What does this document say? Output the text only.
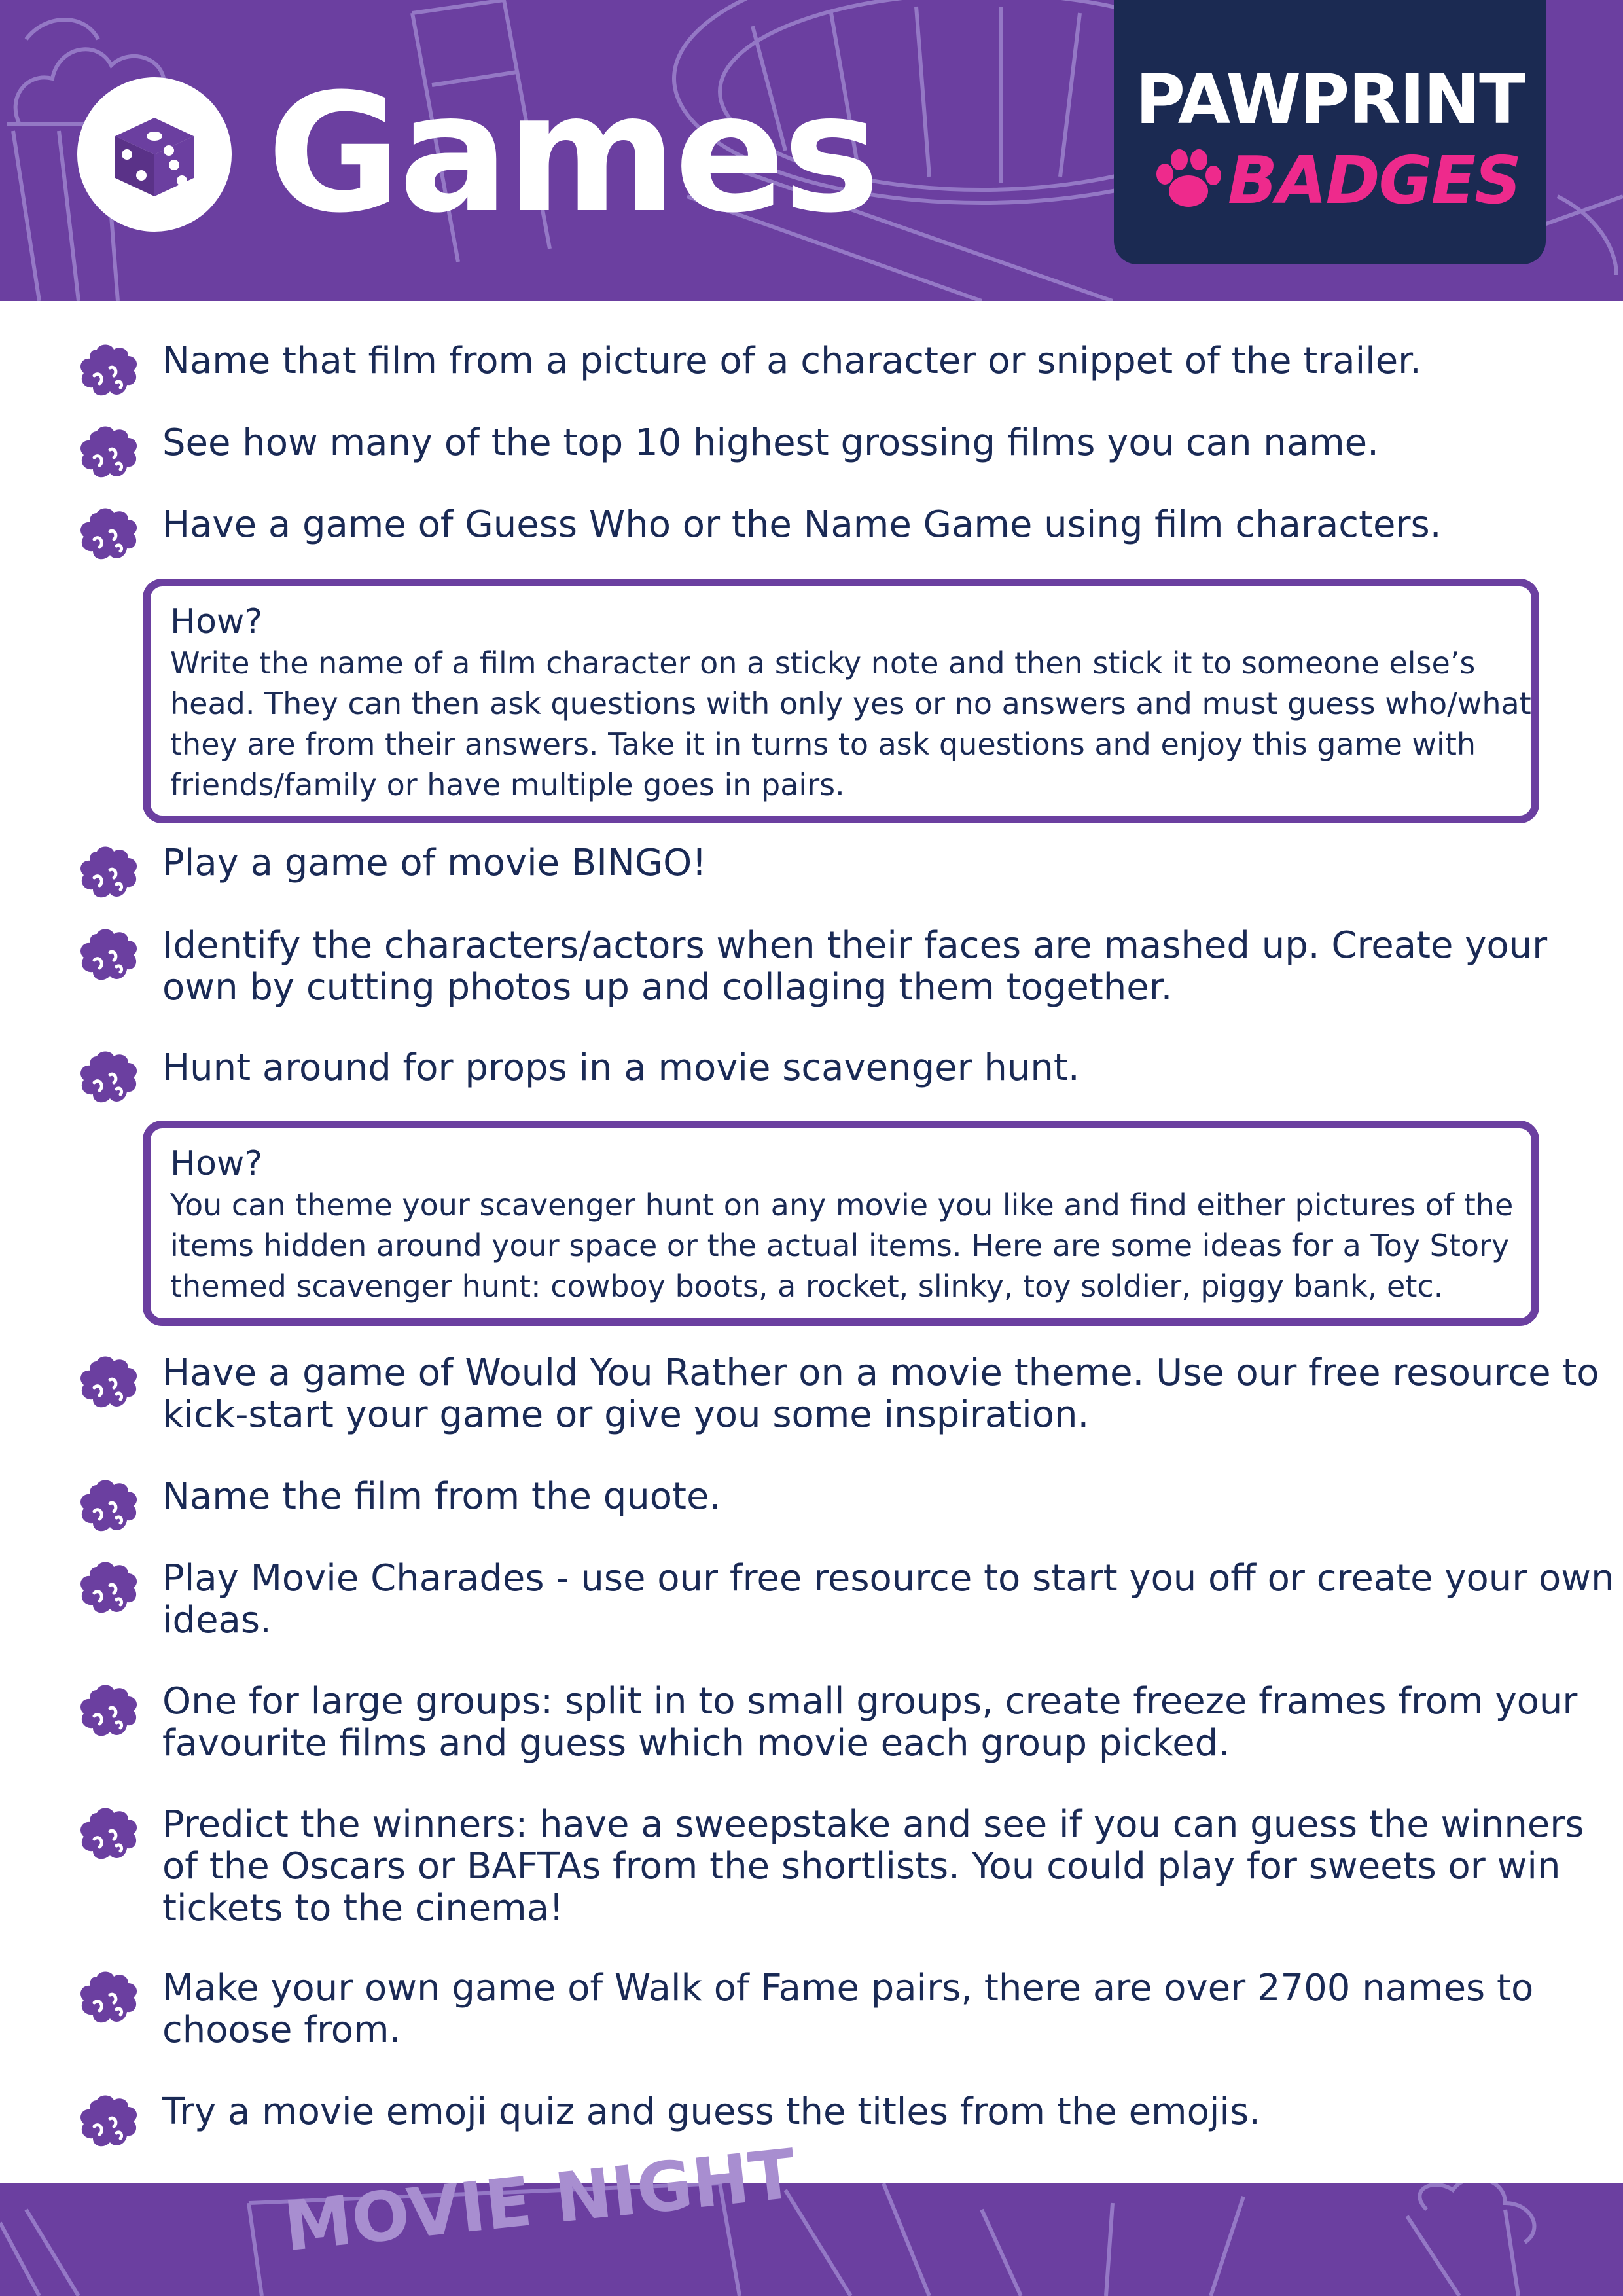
Games	PAWPRINT
BADGES
Name that film from a picture of a character or snippet of the trailer.
See how many of the top 10 highest grossing films you can name.
Have a game of Guess Who or the Name Game using film characters.
How?
Write the name of a film character on a sticky note and then stick it to someone else’s head. They can then ask questions with only yes or no answers and must guess who/what they are from their answers. Take it in turns to ask questions and enjoy this game with friends/family or have multiple goes in pairs.
Play a game of movie BINGO!
Identify the characters/actors when their faces are mashed up. Create your own by cutting photos up and collaging them together.
Hunt around for props in a movie scavenger hunt.
How?
You can theme your scavenger hunt on any movie you like and find either pictures of the items hidden around your space or the actual items. Here are some ideas for a Toy Story themed scavenger hunt: cowboy boots, a rocket, slinky, toy soldier, piggy bank, etc.
Have a game of Would You Rather on a movie theme. Use our free resource to kick-start your game or give you some inspiration.
Name the film from the quote.
Play Movie Charades - use our free resource to start you off or create your own ideas.
One for large groups: split in to small groups, create freeze frames from your favourite films and guess which movie each group picked.
Predict the winners: have a sweepstake and see if you can guess the winners of the Oscars or BAFTAs from the shortlists. You could play for sweets or win tickets to the cinema!
Make your own game of Walk of Fame pairs, there are over 2700 names to choose from.
Try a movie emoji quiz and guess the titles from the emojis.
MOVIE NIGHT
